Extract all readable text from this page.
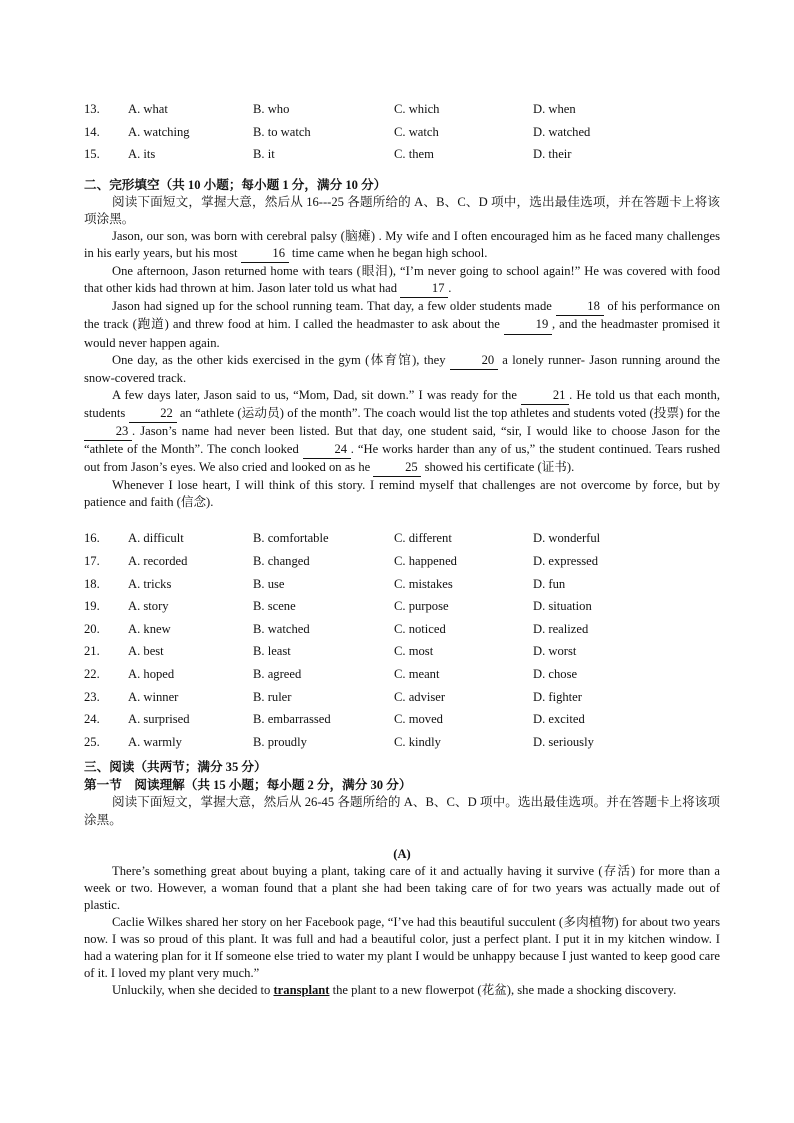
13.	A. what	B. who	C. which	D. when
14.	A. watching	B. to watch	C. watch	D. watched
15.	A. its	B. it	C. them	D. their

二、完形填空（共 10 小题；每小题 1 分，满分 10 分）

阅读下面短文，掌握大意，然后从 16---25 各题所给的 A、B、C、D 项中，选出最佳选项，并在答题卡上将该项涂黑。

Jason, our son, was born with cerebral palsy (脑瘫) . My wife and I often encouraged him as he faced many challenges in his early years, but his most	16 time came when he began high school.

One afternoon, Jason returned home with tears (眼泪), “I’m never going to school again!” He was covered with food that other kids had thrown at him. Jason later told us what had	17 .

Jason had signed up for the school running team. That day, a few older students made	18 of his performance on the track (跑道) and threw food at him. I called the headmaster to ask about the	19 , and the headmaster promised it would never happen again.

One day, as the other kids exercised in the gym (体育馆), they	20 a lonely runner- Jason running around the snow-covered track.

A few days later, Jason said to us, “Mom, Dad, sit down.” I was ready for the	21 . He told us that each month, students	22 an “athlete (运动员) of the month”. The coach would list the top athletes and students voted (投票) for the 23 . Jason’s name had never been listed. But that day, one student said, “sir, I would like to choose Jason for the “athlete of the Month”. The conch looked	24 . “He works harder than any of us,” the student continued. Tears rushed out from Jason’s eyes. We also cried and looked on as he	25 showed his certificate (证书).

Whenever I lose heart, I will think of this story. I remind myself that challenges are not overcome by force, but by patience and faith (信念).

16.	A. difficult	B. comfortable	C. different	D. wonderful
17.	A. recorded	B. changed	C. happened	D. expressed
18.	A. tricks	B. use	C. mistakes	D. fun
19.	A. story	B. scene	C. purpose	D. situation
20.	A. knew	B. watched	C. noticed	D. realized
21.	A. best	B. least	C. most	D. worst
22.	A. hoped	B. agreed	C. meant	D. chose
23.	A. winner	B. ruler	C. adviser	D. fighter
24.	A. surprised	B. embarrassed	C. moved	D. excited
25.	A. warmly	B. proudly	C. kindly	D. seriously

三、阅读（共两节；满分 35 分）

第一节　阅读理解（共 15 小题；每小题 2 分，满分 30 分）

阅读下面短文，掌握大意，然后从 26-45 各题所给的 A、B、C、D 项中。选出最佳选项。并在答题卡上将该项涂黑。

(A)

There’s something great about buying a plant, taking care of it and actually having it survive (存活) for more than a week or two. However, a woman found that a plant she had been taking care of for two years was actually made out of plastic.

Caclie Wilkes shared her story on her Facebook page, “I’ve had this beautiful succulent (多肉植物) for about two years now. I was so proud of this plant. It was full and had a beautiful color, just a perfect plant. I put it in my kitchen window. I had a watering plan for it If someone else tried to water my plant I would be unhappy because I just wanted to keep good care of it. I loved my plant very much.”

Unluckily, when she decided to transplant the plant to a new flowerpot (花盆), she made a shocking discovery.
